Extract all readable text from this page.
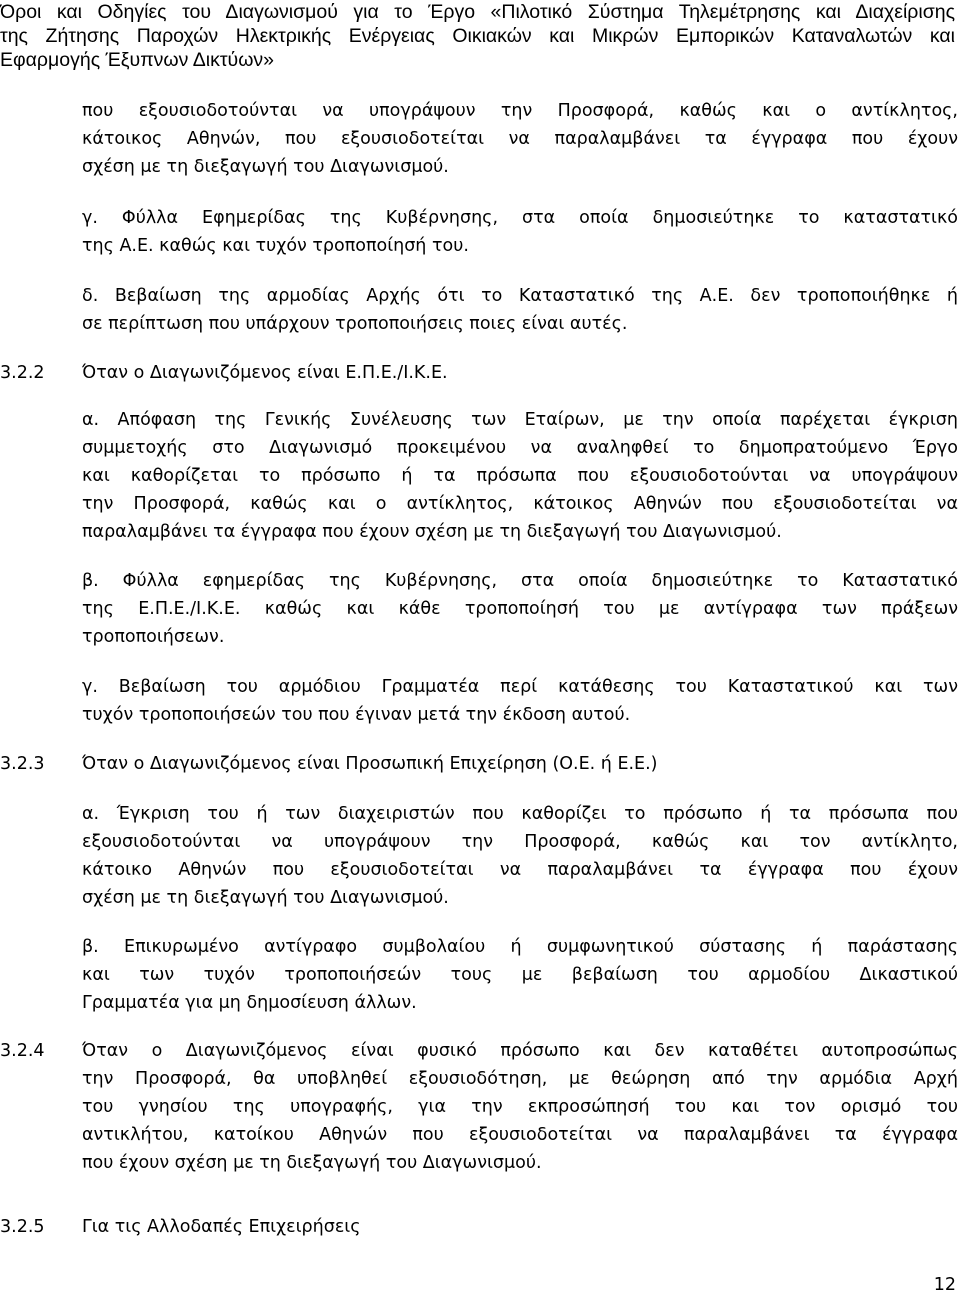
Όροι και Οδηγίες του Διαγωνισμού για το Έργο «Πιλοτικό Σύστημα Τηλεμέτρησης και Διαχείρισης
της Ζήτησης Παροχών Ηλεκτρικής Ενέργειας Οικιακών και Μικρών Εμπορικών Καταναλωτών και
Εφαρμογής Έξυπνων Δικτύων»
που εξουσιοδοτούνται να υπογράψουν την Προσφορά, καθώς και ο αντίκλητος,
κάτοικος Αθηνών, που εξουσιοδοτείται να παραλαμβάνει τα έγγραφα που έχουν
σχέση με τη διεξαγωγή του Διαγωνισμού.
γ. Φύλλα Εφημερίδας της Κυβέρνησης, στα οποία δημοσιεύτηκε το καταστατικό
της Α.Ε. καθώς και τυχόν τροποποίησή του.
δ. Βεβαίωση της αρμοδίας Αρχής ότι το Καταστατικό της Α.Ε. δεν τροποποιήθηκε ή
σε περίπτωση που υπάρχουν τροποποιήσεις ποιες είναι αυτές.
3.2.2 Όταν ο Διαγωνιζόμενος είναι Ε.Π.Ε./Ι.Κ.Ε.
α. Απόφαση της Γενικής Συνέλευσης των Εταίρων, με την οποία παρέχεται έγκριση
συμμετοχής στο Διαγωνισμό προκειμένου να αναληφθεί το δημοπρατούμενο Έργο
και καθορίζεται το πρόσωπο ή τα πρόσωπα που εξουσιοδοτούνται να υπογράψουν
την Προσφορά, καθώς και ο αντίκλητος, κάτοικος Αθηνών που εξουσιοδοτείται να
παραλαμβάνει τα έγγραφα που έχουν σχέση με τη διεξαγωγή του Διαγωνισμού.
β. Φύλλα εφημερίδας της Κυβέρνησης, στα οποία δημοσιεύτηκε το Καταστατικό
της Ε.Π.Ε./Ι.Κ.Ε. καθώς και κάθε τροποποίησή του με αντίγραφα των πράξεων
τροποποιήσεων.
γ. Βεβαίωση του αρμόδιου Γραμματέα περί κατάθεσης του Καταστατικού και των
τυχόν τροποποιήσεών του που έγιναν μετά την έκδοση αυτού.
3.2.3 Όταν ο Διαγωνιζόμενος είναι Προσωπική Επιχείρηση (Ο.Ε. ή Ε.Ε.)
α. Έγκριση του ή των διαχειριστών που καθορίζει το πρόσωπο ή τα πρόσωπα που
εξουσιοδοτούνται να υπογράψουν την Προσφορά, καθώς και τον αντίκλητο,
κάτοικο Αθηνών που εξουσιοδοτείται να παραλαμβάνει τα έγγραφα που έχουν
σχέση με τη διεξαγωγή του Διαγωνισμού.
β. Επικυρωμένο αντίγραφο συμβολαίου ή συμφωνητικού σύστασης ή παράστασης
και των τυχόν τροποποιήσεών τους με βεβαίωση του αρμοδίου Δικαστικού
Γραμματέα για μη δημοσίευση άλλων.
3.2.4 Όταν ο Διαγωνιζόμενος είναι φυσικό πρόσωπο και δεν καταθέτει αυτοπροσώπως
την Προσφορά, θα υποβληθεί εξουσιοδότηση, με θεώρηση από την αρμόδια Αρχή
του γνησίου της υπογραφής, για την εκπροσώπησή του και τον ορισμό του
αντικλήτου, κατοίκου Αθηνών που εξουσιοδοτείται να παραλαμβάνει τα έγγραφα
που έχουν σχέση με τη διεξαγωγή του Διαγωνισμού.
3.2.5 Για τις Αλλοδαπές Επιχειρήσεις
12
